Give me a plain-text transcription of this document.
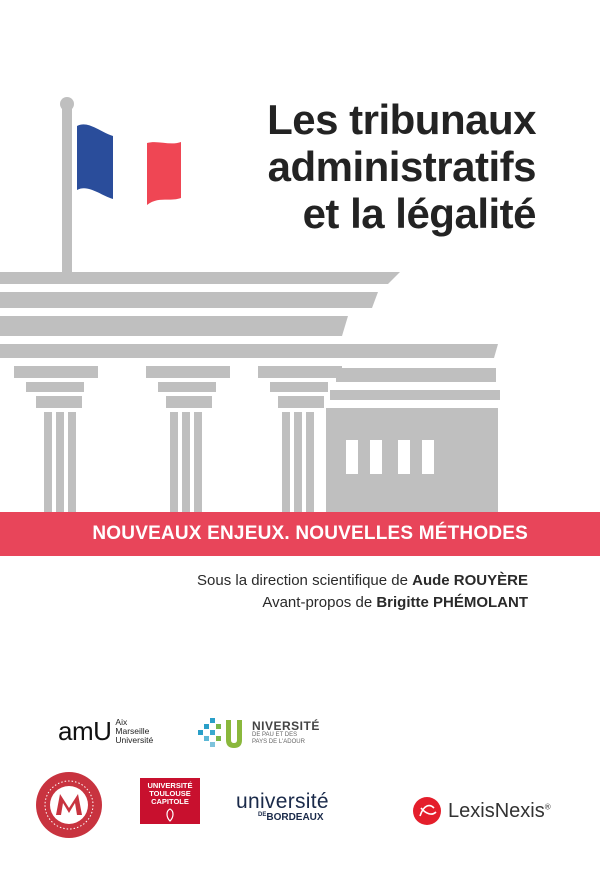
Les tribunaux
administratifs
et la légalité
NOUVEAUX ENJEUX. NOUVELLES MÉTHODES
Sous la direction scientifique de Aude ROUYÈRE
Avant-propos de Brigitte PHÉMOLANT
amU Aix
Marseille
Université
NIVERSITÉ
DE PAU ET DES
PAYS DE L'ADOUR
UNIVERSITÉ
TOULOUSE
CAPITOLE	université
$^{DE}$BORDEAUX	LexisNexis®
